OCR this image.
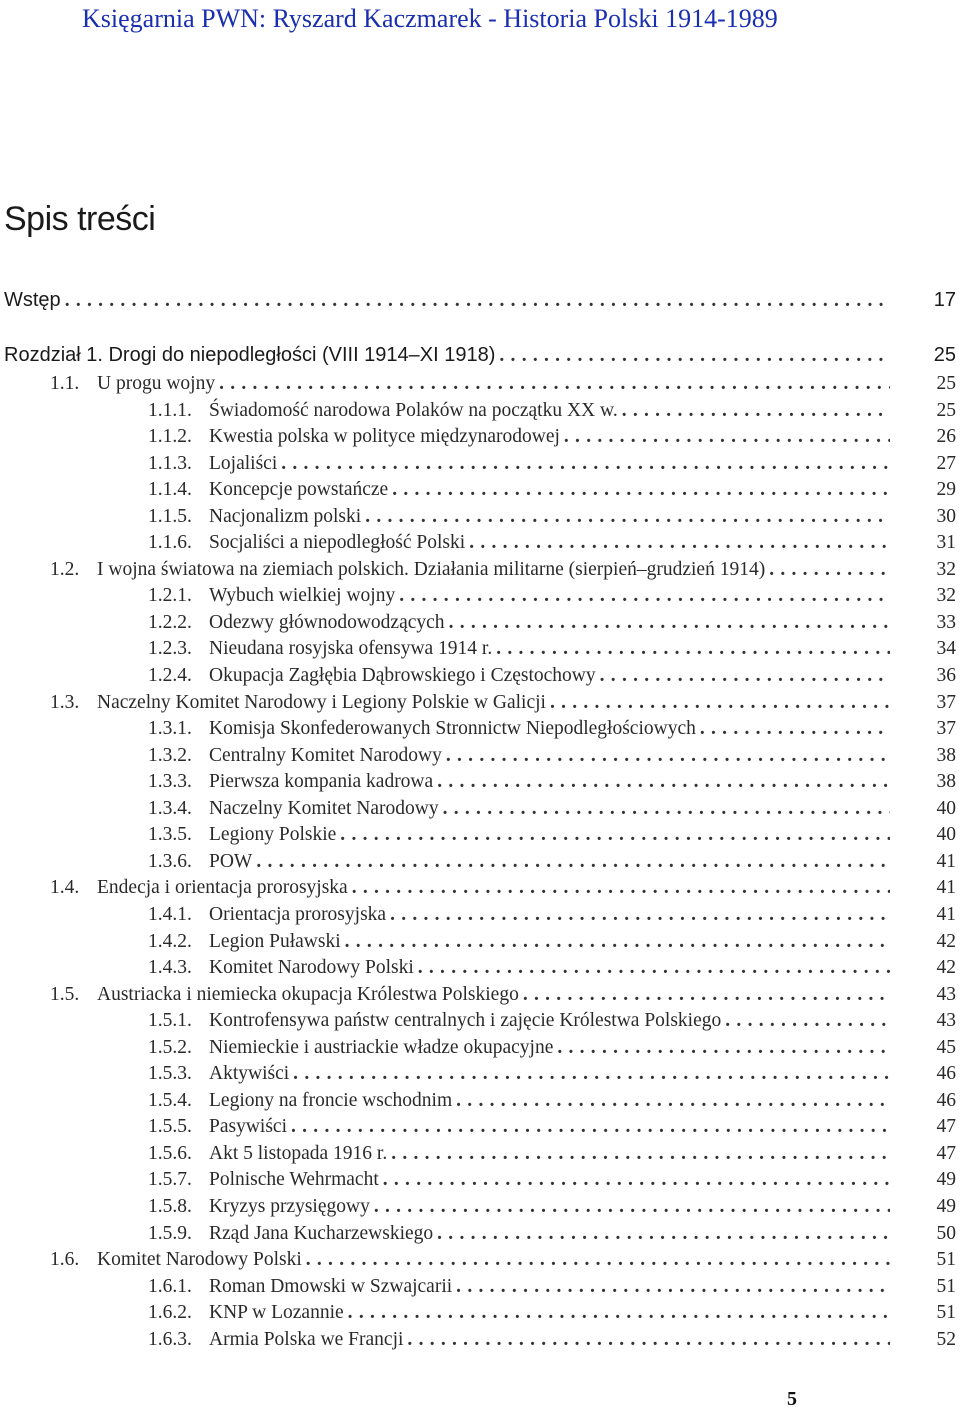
Księgarnia PWN: Ryszard Kaczmarek - Historia Polski 1914-1989
Spis treści
Wstęp . . .	17
Rozdział 1. Drogi do niepodległości (VIII 1914–XI 1918) . . .	25
1.1. U progu wojny . . .	25
1.1.1. Świadomość narodowa Polaków na początku XX w. . . .	25
1.1.2. Kwestia polska w polityce międzynarodowej . . .	26
1.1.3. Lojaliści . . .	27
1.1.4. Koncepcje powstańcze . . .	29
1.1.5. Nacjonalizm polski . . .	30
1.1.6. Socjaliści a niepodległość Polski . . .	31
1.2. I wojna światowa na ziemiach polskich. Działania militarne (sierpień–grudzień 1914) . . .	32
1.2.1. Wybuch wielkiej wojny . . .	32
1.2.2. Odezwy głównodowodzących . . .	33
1.2.3. Nieudana rosyjska ofensywa 1914 r. . . .	34
1.2.4. Okupacja Zagłębia Dąbrowskiego i Częstochowy . . .	36
1.3. Naczelny Komitet Narodowy i Legiony Polskie w Galicji . . .	37
1.3.1. Komisja Skonfederowanych Stronnictw Niepodległościowych . . .	37
1.3.2. Centralny Komitet Narodowy . . .	38
1.3.3. Pierwsza kompania kadrowa . . .	38
1.3.4. Naczelny Komitet Narodowy . . .	40
1.3.5. Legiony Polskie . . .	40
1.3.6. POW . . .	41
1.4. Endecja i orientacja prorosyjska . . .	41
1.4.1. Orientacja prorosyjska . . .	41
1.4.2. Legion Puławski . . .	42
1.4.3. Komitet Narodowy Polski . . .	42
1.5. Austriacka i niemiecka okupacja Królestwa Polskiego . . .	43
1.5.1. Kontrofensywa państw centralnych i zajęcie Królestwa Polskiego . . .	43
1.5.2. Niemieckie i austriackie władze okupacyjne . . .	45
1.5.3. Aktywiści . . .	46
1.5.4. Legiony na froncie wschodnim . . .	46
1.5.5. Pasywiści . . .	47
1.5.6. Akt 5 listopada 1916 r. . . .	47
1.5.7. Polnische Wehrmacht . . .	49
1.5.8. Kryzys przysięgowy . . .	49
1.5.9. Rząd Jana Kucharzewskiego . . .	50
1.6. Komitet Narodowy Polski . . .	51
1.6.1. Roman Dmowski w Szwajcarii . . .	51
1.6.2. KNP w Lozannie . . .	51
1.6.3. Armia Polska we Francji . . .	52
5
